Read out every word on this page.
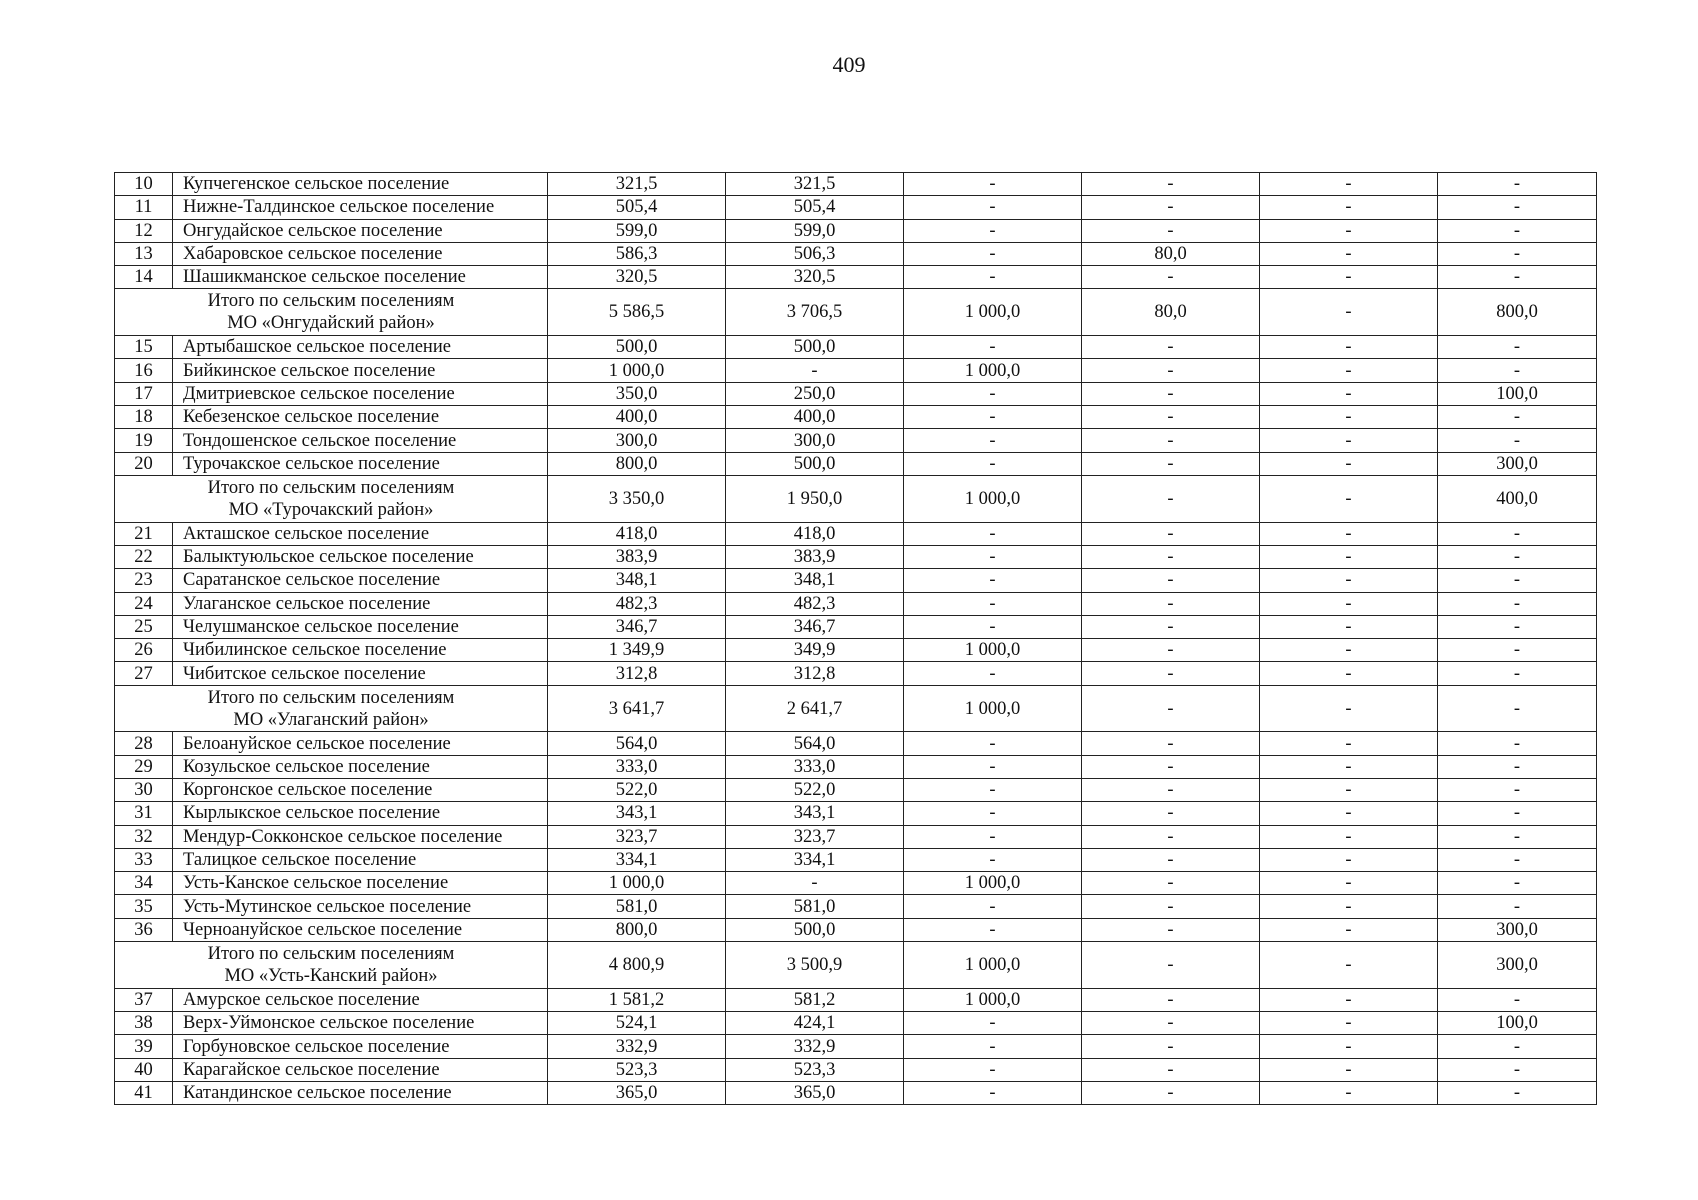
409
10	Купчегенское сельское поселение	321,5	321,5	-	-	-	-
11	Нижне-Талдинское сельское поселение	505,4	505,4	-	-	-	-
12	Онгудайское сельское поселение	599,0	599,0	-	-	-	-
13	Хабаровское сельское поселение	586,3	506,3	-	80,0	-	-
14	Шашикманское сельское поселение	320,5	320,5	-	-	-	-

Итого по сельским поселениям
МО «Онгудайский район»		5 586,5	3 706,5	1 000,0	80,0	-	800,0
15	Артыбашское сельское поселение	500,0	500,0	-	-	-	-
16	Бийкинское сельское поселение	1 000,0	-	1 000,0	-	-	-
17	Дмитриевское сельское поселение	350,0	250,0	-	-	-	100,0
18	Кебезенское сельское поселение	400,0	400,0	-	-	-	-
19	Тондошенское сельское поселение	300,0	300,0	-	-	-	-
20	Турочакское сельское поселение	800,0	500,0	-	-	-	300,0

Итого по сельским поселениям
МО «Турочакский район»		3 350,0	1 950,0	1 000,0	-	-	400,0
21	Акташское сельское поселение	418,0	418,0	-	-	-	-
22	Балыктуюльское сельское поселение	383,9	383,9	-	-	-	-
23	Саратанское сельское поселение	348,1	348,1	-	-	-	-
24	Улаганское сельское поселение	482,3	482,3	-	-	-	-
25	Челушманское сельское поселение	346,7	346,7	-	-	-	-
26	Чибилинское сельское поселение	1 349,9	349,9	1 000,0	-	-	-
27	Чибитское сельское поселение	312,8	312,8	-	-	-	-

Итого по сельским поселениям
МО «Улаганский район»		3 641,7	2 641,7	1 000,0	-	-	-
28	Белоануйское сельское поселение	564,0	564,0	-	-	-	-
29	Козульское сельское поселение	333,0	333,0	-	-	-	-
30	Коргонское сельское поселение	522,0	522,0	-	-	-	-
31	Кырлыкское сельское поселение	343,1	343,1	-	-	-	-
32	Мендур-Сокконское сельское поселение	323,7	323,7	-	-	-	-
33	Талицкое сельское поселение	334,1	334,1	-	-	-	-
34	Усть-Канское сельское поселение	1 000,0	-	1 000,0	-	-	-
35	Усть-Мутинское сельское поселение	581,0	581,0	-	-	-	-
36	Черноануйское сельское поселение	800,0	500,0	-	-	-	300,0

Итого по сельским поселениям
МО «Усть-Канский район»		4 800,9	3 500,9	1 000,0	-	-	300,0
37	Амурское сельское поселение	1 581,2	581,2	1 000,0	-	-	-
38	Верх-Уймонское сельское поселение	524,1	424,1	-	-	-	100,0
39	Горбуновское сельское поселение	332,9	332,9	-	-	-	-
40	Карагайское сельское поселение	523,3	523,3	-	-	-	-
41	Катандинское сельское поселение	365,0	365,0	-	-	-	-
